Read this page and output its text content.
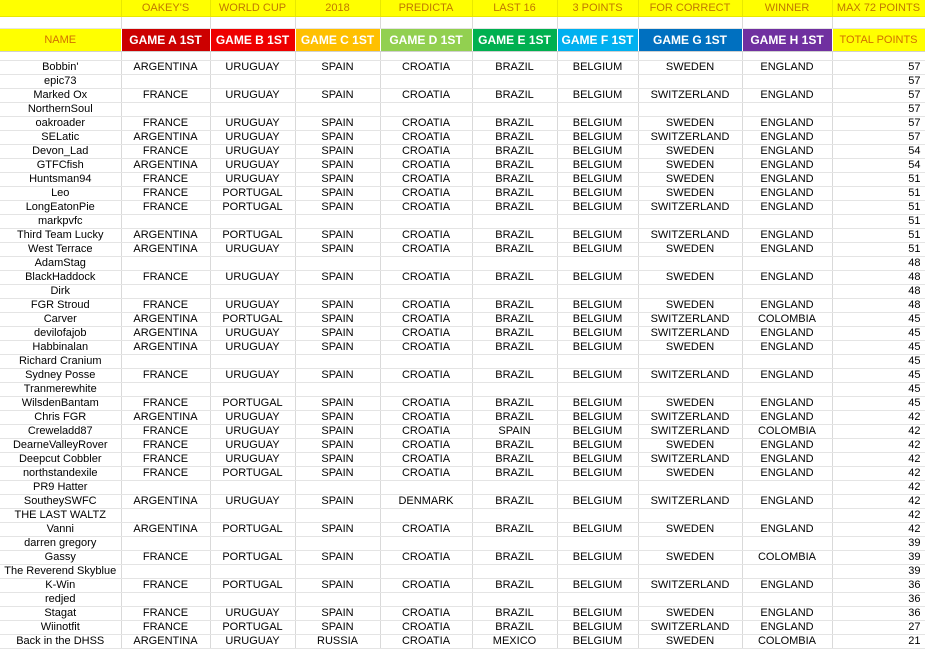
	OAKEY'S	WORLD CUP	2018	PREDICTA	LAST 16	3 POINTS	FOR CORRECT	WINNER	MAX 72 POINTS

NAME	GAME A 1ST	GAME B 1ST	GAME C 1ST	GAME D 1ST	GAME E 1ST	GAME F 1ST	GAME G 1ST	GAME H 1ST	TOTAL POINTS

Bobbin'	ARGENTINA	URUGUAY	SPAIN	CROATIA	BRAZIL	BELGIUM	SWEDEN	ENGLAND	57
epic73									57
Marked Ox	FRANCE	URUGUAY	SPAIN	CROATIA	BRAZIL	BELGIUM	SWITZERLAND	ENGLAND	57
NorthernSoul									57
oakroader	FRANCE	URUGUAY	SPAIN	CROATIA	BRAZIL	BELGIUM	SWEDEN	ENGLAND	57
SELatic	ARGENTINA	URUGUAY	SPAIN	CROATIA	BRAZIL	BELGIUM	SWITZERLAND	ENGLAND	57
Devon_Lad	FRANCE	URUGUAY	SPAIN	CROATIA	BRAZIL	BELGIUM	SWEDEN	ENGLAND	54
GTFCfish	ARGENTINA	URUGUAY	SPAIN	CROATIA	BRAZIL	BELGIUM	SWEDEN	ENGLAND	54
Huntsman94	FRANCE	URUGUAY	SPAIN	CROATIA	BRAZIL	BELGIUM	SWEDEN	ENGLAND	51
Leo	FRANCE	PORTUGAL	SPAIN	CROATIA	BRAZIL	BELGIUM	SWEDEN	ENGLAND	51
LongEatonPie	FRANCE	PORTUGAL	SPAIN	CROATIA	BRAZIL	BELGIUM	SWITZERLAND	ENGLAND	51
markpvfc									51
Third Team Lucky	ARGENTINA	PORTUGAL	SPAIN	CROATIA	BRAZIL	BELGIUM	SWITZERLAND	ENGLAND	51
West Terrace	ARGENTINA	URUGUAY	SPAIN	CROATIA	BRAZIL	BELGIUM	SWEDEN	ENGLAND	51
AdamStag									48
BlackHaddock	FRANCE	URUGUAY	SPAIN	CROATIA	BRAZIL	BELGIUM	SWEDEN	ENGLAND	48
Dirk									48
FGR Stroud	FRANCE	URUGUAY	SPAIN	CROATIA	BRAZIL	BELGIUM	SWEDEN	ENGLAND	48
Carver	ARGENTINA	PORTUGAL	SPAIN	CROATIA	BRAZIL	BELGIUM	SWITZERLAND	COLOMBIA	45
devilofajob	ARGENTINA	URUGUAY	SPAIN	CROATIA	BRAZIL	BELGIUM	SWITZERLAND	ENGLAND	45
Habbinalan	ARGENTINA	URUGUAY	SPAIN	CROATIA	BRAZIL	BELGIUM	SWEDEN	ENGLAND	45
Richard Cranium									45
Sydney Posse	FRANCE	URUGUAY	SPAIN	CROATIA	BRAZIL	BELGIUM	SWITZERLAND	ENGLAND	45
Tranmerewhite									45
WilsdenBantam	FRANCE	PORTUGAL	SPAIN	CROATIA	BRAZIL	BELGIUM	SWEDEN	ENGLAND	45
Chris FGR	ARGENTINA	URUGUAY	SPAIN	CROATIA	BRAZIL	BELGIUM	SWITZERLAND	ENGLAND	42
Creweladd87	FRANCE	URUGUAY	SPAIN	CROATIA	SPAIN	BELGIUM	SWITZERLAND	COLOMBIA	42
DearneValleyRover	FRANCE	URUGUAY	SPAIN	CROATIA	BRAZIL	BELGIUM	SWEDEN	ENGLAND	42
Deepcut Cobbler	FRANCE	URUGUAY	SPAIN	CROATIA	BRAZIL	BELGIUM	SWITZERLAND	ENGLAND	42
northstandexile	FRANCE	PORTUGAL	SPAIN	CROATIA	BRAZIL	BELGIUM	SWEDEN	ENGLAND	42
PR9 Hatter									42
SoutheySWFC	ARGENTINA	URUGUAY	SPAIN	DENMARK	BRAZIL	BELGIUM	SWITZERLAND	ENGLAND	42
THE LAST WALTZ									42
Vanni	ARGENTINA	PORTUGAL	SPAIN	CROATIA	BRAZIL	BELGIUM	SWEDEN	ENGLAND	42
darren gregory									39
Gassy	FRANCE	PORTUGAL	SPAIN	CROATIA	BRAZIL	BELGIUM	SWEDEN	COLOMBIA	39
The Reverend Skyblue									39
K-Win	FRANCE	PORTUGAL	SPAIN	CROATIA	BRAZIL	BELGIUM	SWITZERLAND	ENGLAND	36
redjed									36
Stagat	FRANCE	URUGUAY	SPAIN	CROATIA	BRAZIL	BELGIUM	SWEDEN	ENGLAND	36
Wiinotfit	FRANCE	PORTUGAL	SPAIN	CROATIA	BRAZIL	BELGIUM	SWITZERLAND	ENGLAND	27
Back in the DHSS	ARGENTINA	URUGUAY	RUSSIA	CROATIA	MEXICO	BELGIUM	SWEDEN	COLOMBIA	21
